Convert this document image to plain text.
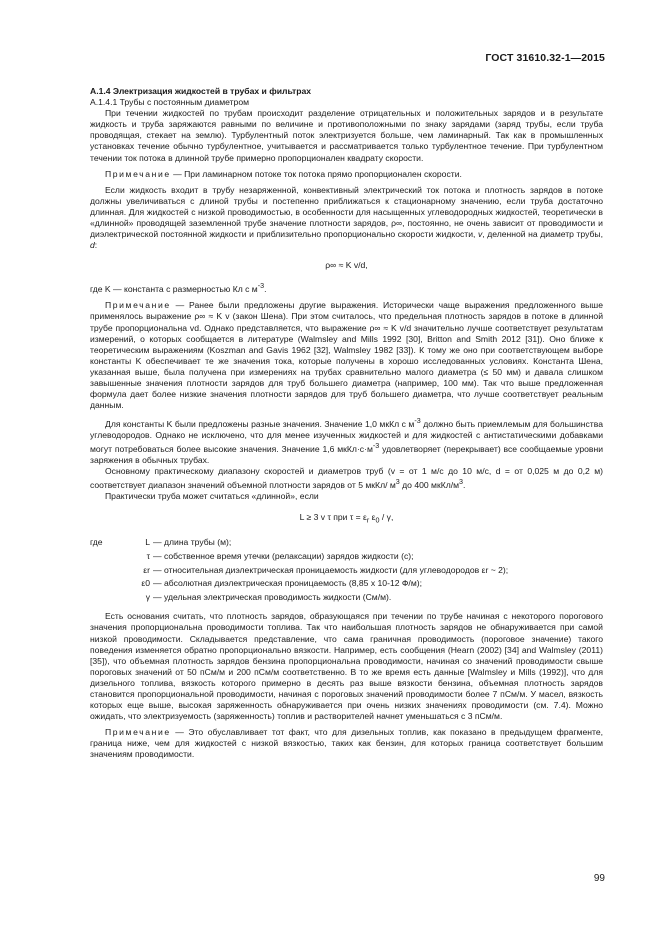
ГОСТ 31610.32-1—2015

A.1.4 Электризация жидкостей в трубах и фильтрах

A.1.4.1 Трубы с постоянным диаметром

При течении жидкостей по трубам происходит разделение отрицательных и положительных зарядов и в результате жидкость и труба заряжаются равными по величине и противоположными по знаку зарядами (заряд трубы, если труба проводящая, стекает на землю). Турбулентный поток электризуется больше, чем ламинарный. Так как в промышленных установках течение обычно турбулентное, учитывается и рассматривается только турбулентное течение. При турбулентном течении ток потока в длинной трубе примерно пропорционален квадрату скорости.

Примечание — При ламинарном потоке ток потока прямо пропорционален скорости.

Если жидкость входит в трубу незаряженной, конвективный электрический ток потока и плотность зарядов в потоке должны увеличиваться с длиной трубы и постепенно приближаться к стационарному значению, если труба достаточно длинная. Для жидкостей с низкой проводимостью, в особенности для насыщенных углеводородных жидкостей, теоретически в «длинной» проводящей заземленной трубе значение плотности зарядов, ρ∞, постоянно, не очень зависит от проводимости и диэлектрической постоянной жидкости и приблизительно пропорционально скорости жидкости, v, деленной на диаметр трубы, d:

ρ∞ ≈ K v/d,

где K — константа с размерностью Кл с $м^{-3}$.

Примечание — Ранее были предложены другие выражения. Исторически чаще выражения предложенного выше применялось выражение ρ∞ ≈ K v (закон Шена). При этом считалось, что предельная плотность зарядов в потоке в длинной трубе пропорциональна vd. Однако представляется, что выражение ρ∞ ≈ K v/d значительно лучше соответствует результатам измерений, о которых сообщается в литературе (Walmsley and Mills 1992 [30], Britton and Smith 2012 [31]). Оно ближе к теоретическим выражениям (Koszman and Gavis 1962 [32], Walmsley 1982 [33]). К тому же оно при соответствующем выборе константы K обеспечивает те же значения тока, которые получены в хорошо исследованных условиях. Константа Шена, указанная выше, была получена при измерениях на трубах сравнительно малого диаметра (≤ 50 мм) и давала слишком завышенные значения плотности зарядов для труб большего диаметра (например, 100 мм). Так что выше предложенная формула дает более низкие значения плотности зарядов для труб большего диаметра, что лучше соответствует реальным данным.

Для константы K были предложены разные значения. Значение 1,0 мкКл с $м^{-3}$ должно быть приемлемым для большинства углеводородов. Однако не исключено, что для менее изученных жидкостей и для жидкостей с антистатическими добавками могут потребоваться более высокие значения. Значение 1,6 $мкКл\cdot с\cdot м^{-3}$ удовлетворяет (перекрывает) все сообщаемые уровни заряжения в обычных трубах.

Основному практическому диапазону скоростей и диаметров труб (v = от 1 м/с до 10 м/с, d = от 0,025 м до 0,2 м) соответствует диапазон значений объемной плотности зарядов от 5 мкКл/ $м^3$ до 400 мкКл/$м^3$.

Практически труба может считаться «длинной», если

L ≥ 3 v τ при $\tau = \varepsilon_r$ $\varepsilon_0$ / γ,

где	L — длина трубы (м);
τ — собственное время утечки (релаксации) зарядов жидкости (с);
εr — относительная диэлектрическая проницаемость жидкости (для углеводородов εr ~ 2);
ε0 — абсолютная диэлектрическая проницаемость (8,85 x 10-12 Ф/м);
γ — удельная электрическая проводимость жидкости (См/м).

Есть основания считать, что плотность зарядов, образующаяся при течении по трубе начиная с некоторого порогового значения пропорциональна проводимости топлива. Так что наибольшая плотность зарядов не обнаруживается при самой низкой проводимости. Складывается представление, что сама граничная проводимость (пороговое значение) такого поведения изменяется обратно пропорционально вязкости. Например, есть сообщения (Hearn (2002) [34] and Walmsley (2011) [35]), что объемная плотность зарядов бензина пропорциональна проводимости, начиная со значений проводимости свыше пороговых значений от 50 пСм/м и 200 пСм/м соответственно. В то же время есть данные [Walmsley и Mills (1992)], что для дизельного топлива, вязкость которого примерно в десять раз выше вязкости бензина, объемная плотность зарядов становится пропорциональной проводимости, начиная с пороговых значений проводимости более 7 пСм/м. У масел, вязкость которых еще выше, высокая заряженность обнаруживается при очень низких значениях проводимости (см. 7.4). Можно ожидать, что электризуемость (заряженность) топлив и растворителей начнет уменьшаться с 3 пСм/м.

Примечание — Это обуславливает тот факт, что для дизельных топлив, как показано в предыдущем фрагменте, граница ниже, чем для жидкостей с низкой вязкостью, таких как бензин, для которых граница соответствует большим значениям проводимости.

99
